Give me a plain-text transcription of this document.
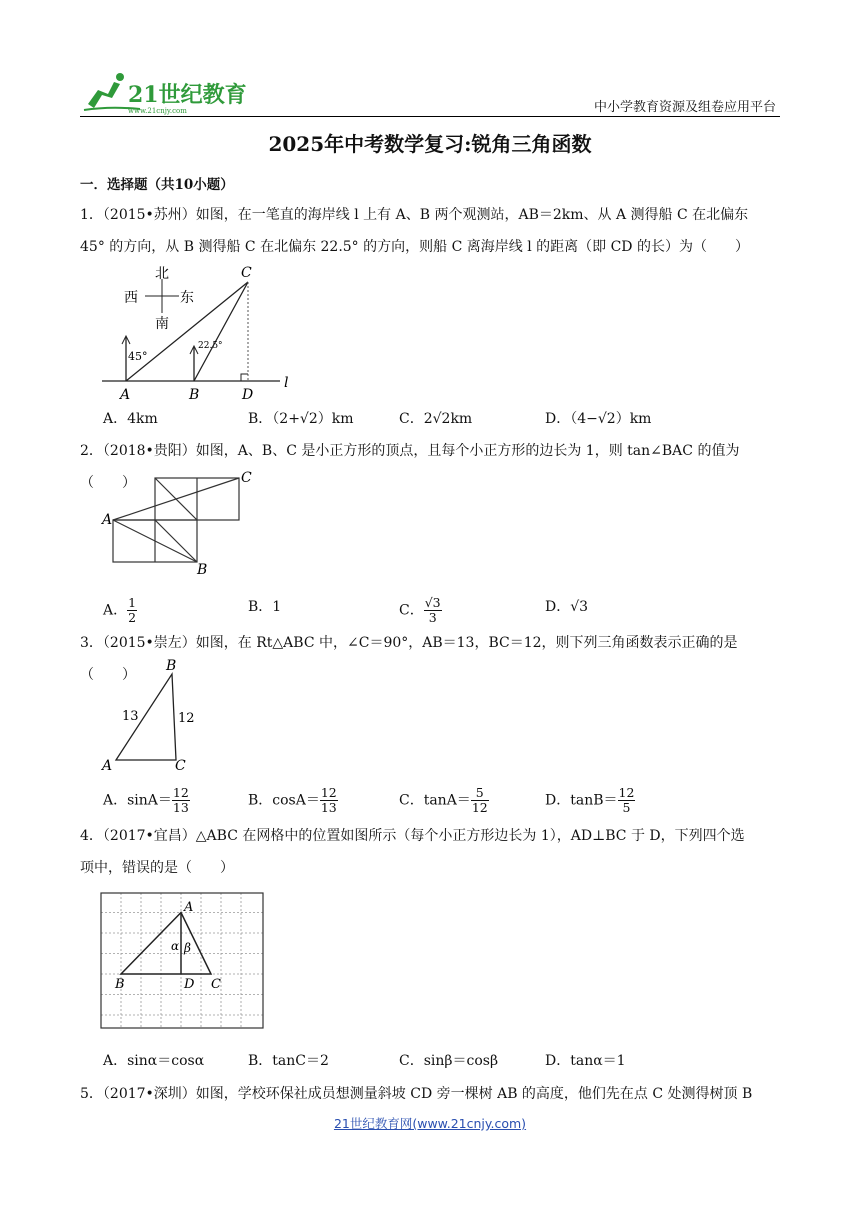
21世纪教育
www.21cnjy.com	中小学教育资源及组卷应用平台
2025年中考数学复习:锐角三角函数
一．选择题（共10小题）
1．（2015•苏州）如图，在一笔直的海岸线 l 上有 A、B 两个观测站，AB＝2km、从 A 测得船 C 在北偏东
45° 的方向，从 B 测得船 C 在北偏东 22.5° 的方向，则船 C 离海岸线 l 的距离（即 CD 的长）为（　　）
北
南
西	东
45°
22.5°
A	B
C
D
l
A．4km	B．（2+√2）km	C．2√2km	D．（4−√2）km
2．（2018•贵阳）如图，A、B、C 是小正方形的顶点，且每个小正方形的边长为 1，则 tan∠BAC 的值为（　　）
A
B
C
A． $\frac{1}{2}$	B．1	C． $\frac{√3}{3}$	D．√3
3．（2015•崇左）如图，在 Rt△ABC 中，∠C＝90°，AB＝13，BC＝12，则下列三角函数表示正确的是（　　）
B
A	C
13	12
A．$\sin A= \frac{12}{13}$	B．$\cos A= \frac{12}{13}$	C．$\tan A= \frac{5}{12}$	D．$\tan B= \frac{12}{5}$
4．（2017•宜昌）△ABC 在网格中的位置如图所示（每个小正方形边长为 1），AD⊥BC 于 D，下列四个选
项中，错误的是（　　）
A
B	C
D
α β
A．sinα＝cosα	B．tanC＝2	C．sinβ＝cosβ	D．tanα＝1
5．（2017•深圳）如图，学校环保社成员想测量斜坡 CD 旁一棵树 AB 的高度，他们先在点 C 处测得树顶 B
21世纪教育网(www.21cnjy.com)
